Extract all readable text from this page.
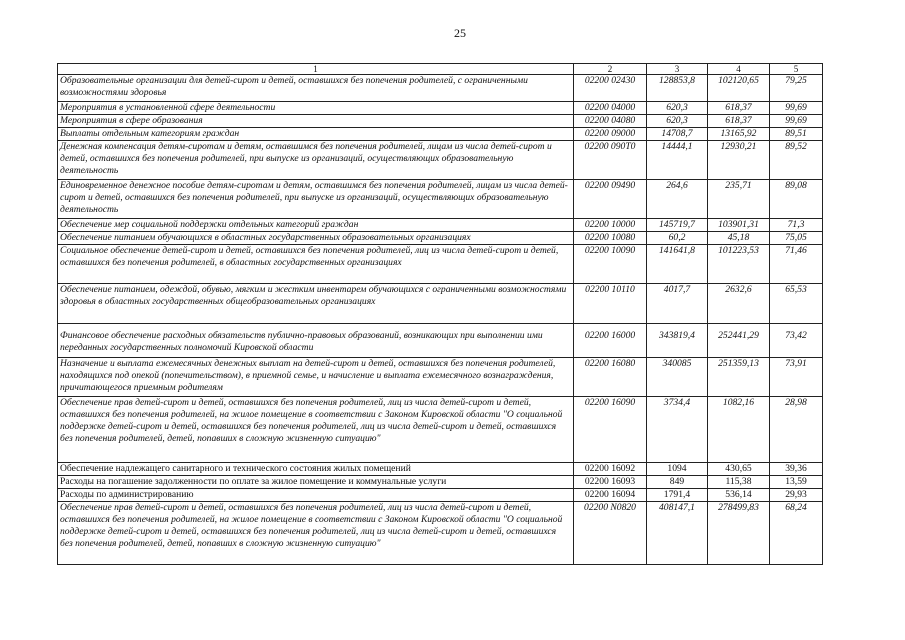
25
1	2	3	4	5
Образовательные организации для детей-сирот и детей, оставшихся без попечения родителей, с ограниченными возможностями здоровья	02200 02430	128853,8	102120,65	79,25
Мероприятия в установленной сфере деятельности	02200 04000	620,3	618,37	99,69
Мероприятия в сфере образования	02200 04080	620,3	618,37	99,69
Выплаты отдельным категориям граждан	02200 09000	14708,7	13165,92	89,51
Денежная компенсация детям-сиротам и детям, оставшимся без попечения родителей, лицам из числа детей-сирот и детей, оставшихся без попечения родителей, при выпуске из организаций, осуществляющих образовательную деятельность	02200 090Т0	14444,1	12930,21	89,52
Единовременное денежное пособие детям-сиротам и детям, оставшимся без попечения родителей, лицам из числа детей-сирот и детей, оставшихся без попечения родителей, при выпуске из организаций, осуществляющих образовательную деятельность	02200 09490	264,6	235,71	89,08
Обеспечение мер социальной поддержки отдельных категорий граждан	02200 10000	145719,7	103901,31	71,3
Обеспечение питанием обучающихся в областных государственных образовательных организациях	02200 10080	60,2	45,18	75,05
Социальное обеспечение детей-сирот и детей, оставшихся без попечения родителей, лиц из числа детей-сирот и детей, оставшихся без попечения родителей, в областных государственных организациях	02200 10090	141641,8	101223,53	71,46
Обеспечение питанием, одеждой, обувью, мягким и жестким инвентарем обучающихся с ограниченными возможностями здоровья в областных государственных общеобразовательных организациях	02200 10110	4017,7	2632,6	65,53
Финансовое обеспечение расходных обязательств публично-правовых образований, возникающих при выполнении ими переданных государственных полномочий Кировской области	02200 16000	343819,4	252441,29	73,42
Назначение и выплата ежемесячных денежных выплат на детей-сирот и детей, оставшихся без попечения родителей, находящихся под опекой (попечительством), в приемной семье, и начисление и выплата ежемесячного вознаграждения, причитающегося приемным родителям	02200 16080	340085	251359,13	73,91
Обеспечение прав детей-сирот и детей, оставшихся без попечения родителей, лиц из числа детей-сирот и детей, оставшихся без попечения родителей, на жилое помещение в соответствии с Законом Кировской области "О социальной поддержке детей-сирот и детей, оставшихся без попечения родителей, лиц из числа детей-сирот и детей, оставшихся без попечения родителей, детей, попавших в сложную жизненную ситуацию"	02200 16090	3734,4	1082,16	28,98
Обеспечение надлежащего санитарного и технического состояния жилых помещений	02200 16092	1094	430,65	39,36
Расходы на погашение задолженности по оплате за жилое помещение и коммунальные услуги	02200 16093	849	115,38	13,59
Расходы по администрированию	02200 16094	1791,4	536,14	29,93
Обеспечение прав детей-сирот и детей, оставшихся без попечения родителей, лиц из числа детей-сирот и детей, оставшихся без попечения родителей, на жилое помещение в соответствии с Законом Кировской области "О социальной поддержке детей-сирот и детей, оставшихся без попечения родителей, лиц из числа детей-сирот и детей, оставшихся без попечения родителей, детей, попавших в сложную жизненную ситуацию"	02200 N0820	408147,1	278499,83	68,24
